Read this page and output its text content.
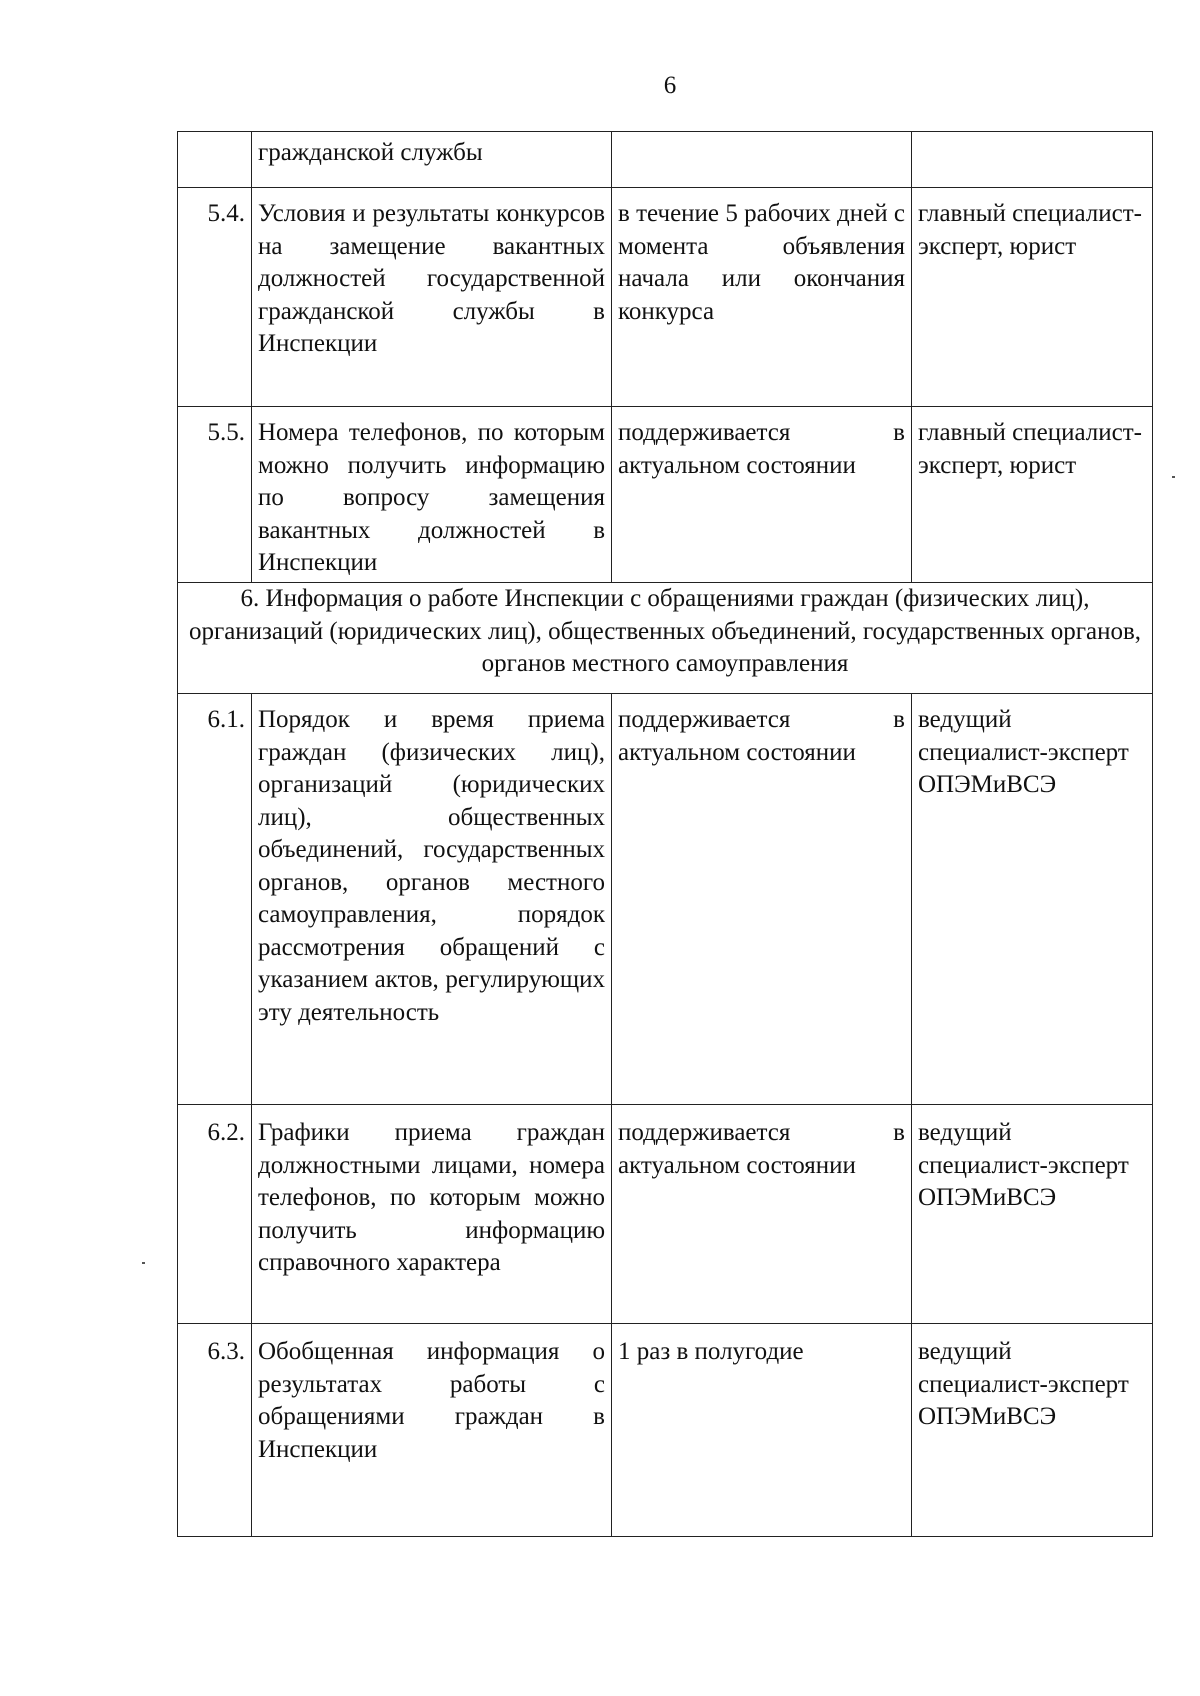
6
	гражданской службы		
5.4.	Условия и результаты конкурсов на замещение вакантных должностей государственной гражданской службы в Инспекции	в течение 5 рабочих дней с момента объявления начала или окончания конкурса	главный специалист-эксперт, юрист
5.5.	Номера телефонов, по которым можно получить информацию по вопросу замещения вакантных должностей в Инспекции	поддерживается в актуальном состоянии	главный специалист-эксперт, юрист
6. Информация о работе Инспекции с обращениями граждан (физических лиц), организаций (юридических лиц), общественных объединений, государственных органов, органов местного самоуправления			
6.1.	Порядок и время приема граждан (физических лиц), организаций (юридических лиц), общественных объединений, государственных органов, органов местного самоуправления, порядок рассмотрения обращений с указанием актов, регулирующих эту деятельность	поддерживается в актуальном состоянии	ведущий специалист-эксперт ОПЭМиВСЭ
6.2.	Графики приема граждан должностными лицами, номера телефонов, по которым можно получить информацию справочного характера	поддерживается в актуальном состоянии	ведущий специалист-эксперт ОПЭМиВСЭ
6.3.	Обобщенная информация о результатах работы с обращениями граждан в Инспекции	1 раз в полугодие	ведущий специалист-эксперт ОПЭМиВСЭ
